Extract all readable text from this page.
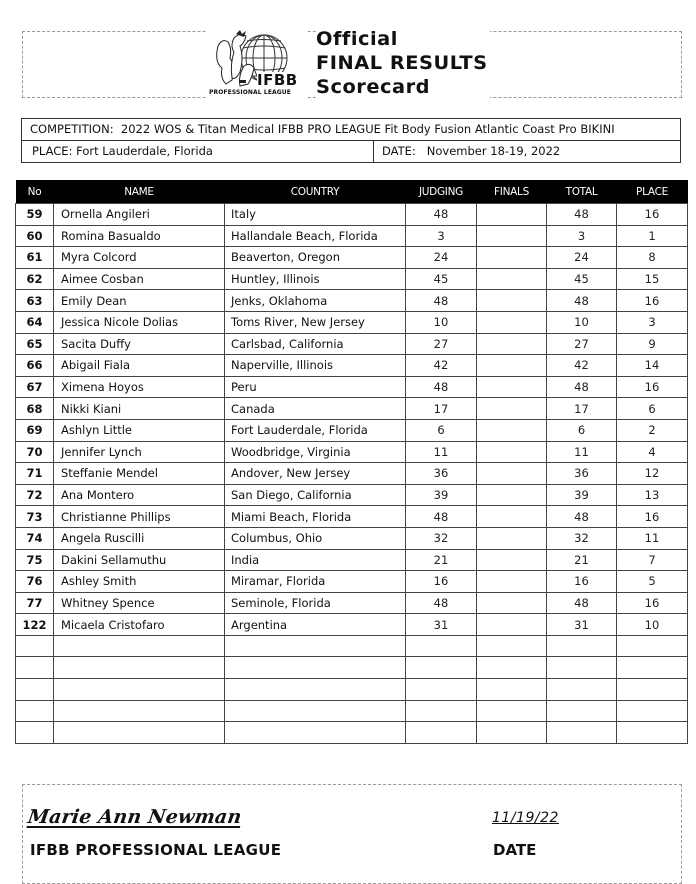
IFBB
PROFESSIONAL LEAGUE
Official
FINAL RESULTS
Scorecard
COMPETITION: 2022 WOS & Titan Medical IFBB PRO LEAGUE Fit Body Fusion Atlantic Coast Pro BIKINI
PLACE: Fort Lauderdale, Florida	DATE: November 18-19, 2022
No	NAME	COUNTRY	JUDGING	FINALS	TOTAL	PLACE
59	Ornella Angileri	Italy	48		48	16
60	Romina Basualdo	Hallandale Beach, Florida	3		3	1
61	Myra Colcord	Beaverton, Oregon	24		24	8
62	Aimee Cosban	Huntley, Illinois	45		45	15
63	Emily Dean	Jenks, Oklahoma	48		48	16
64	Jessica Nicole Dolias	Toms River, New Jersey	10		10	3
65	Sacita Duffy	Carlsbad, California	27		27	9
66	Abigail Fiala	Naperville, Illinois	42		42	14
67	Ximena Hoyos	Peru	48		48	16
68	Nikki Kiani	Canada	17		17	6
69	Ashlyn Little	Fort Lauderdale, Florida	6		6	2
70	Jennifer Lynch	Woodbridge, Virginia	11		11	4
71	Steffanie Mendel	Andover, New Jersey	36		36	12
72	Ana Montero	San Diego, California	39		39	13
73	Christianne Phillips	Miami Beach, Florida	48		48	16
74	Angela Ruscilli	Columbus, Ohio	32		32	11
75	Dakini Sellamuthu	India	21		21	7
76	Ashley Smith	Miramar, Florida	16		16	5
77	Whitney Spence	Seminole, Florida	48		48	16
122	Micaela Cristofaro	Argentina	31		31	10

Marie Ann Newman
IFBB PROFESSIONAL LEAGUE
11/19/22
DATE
